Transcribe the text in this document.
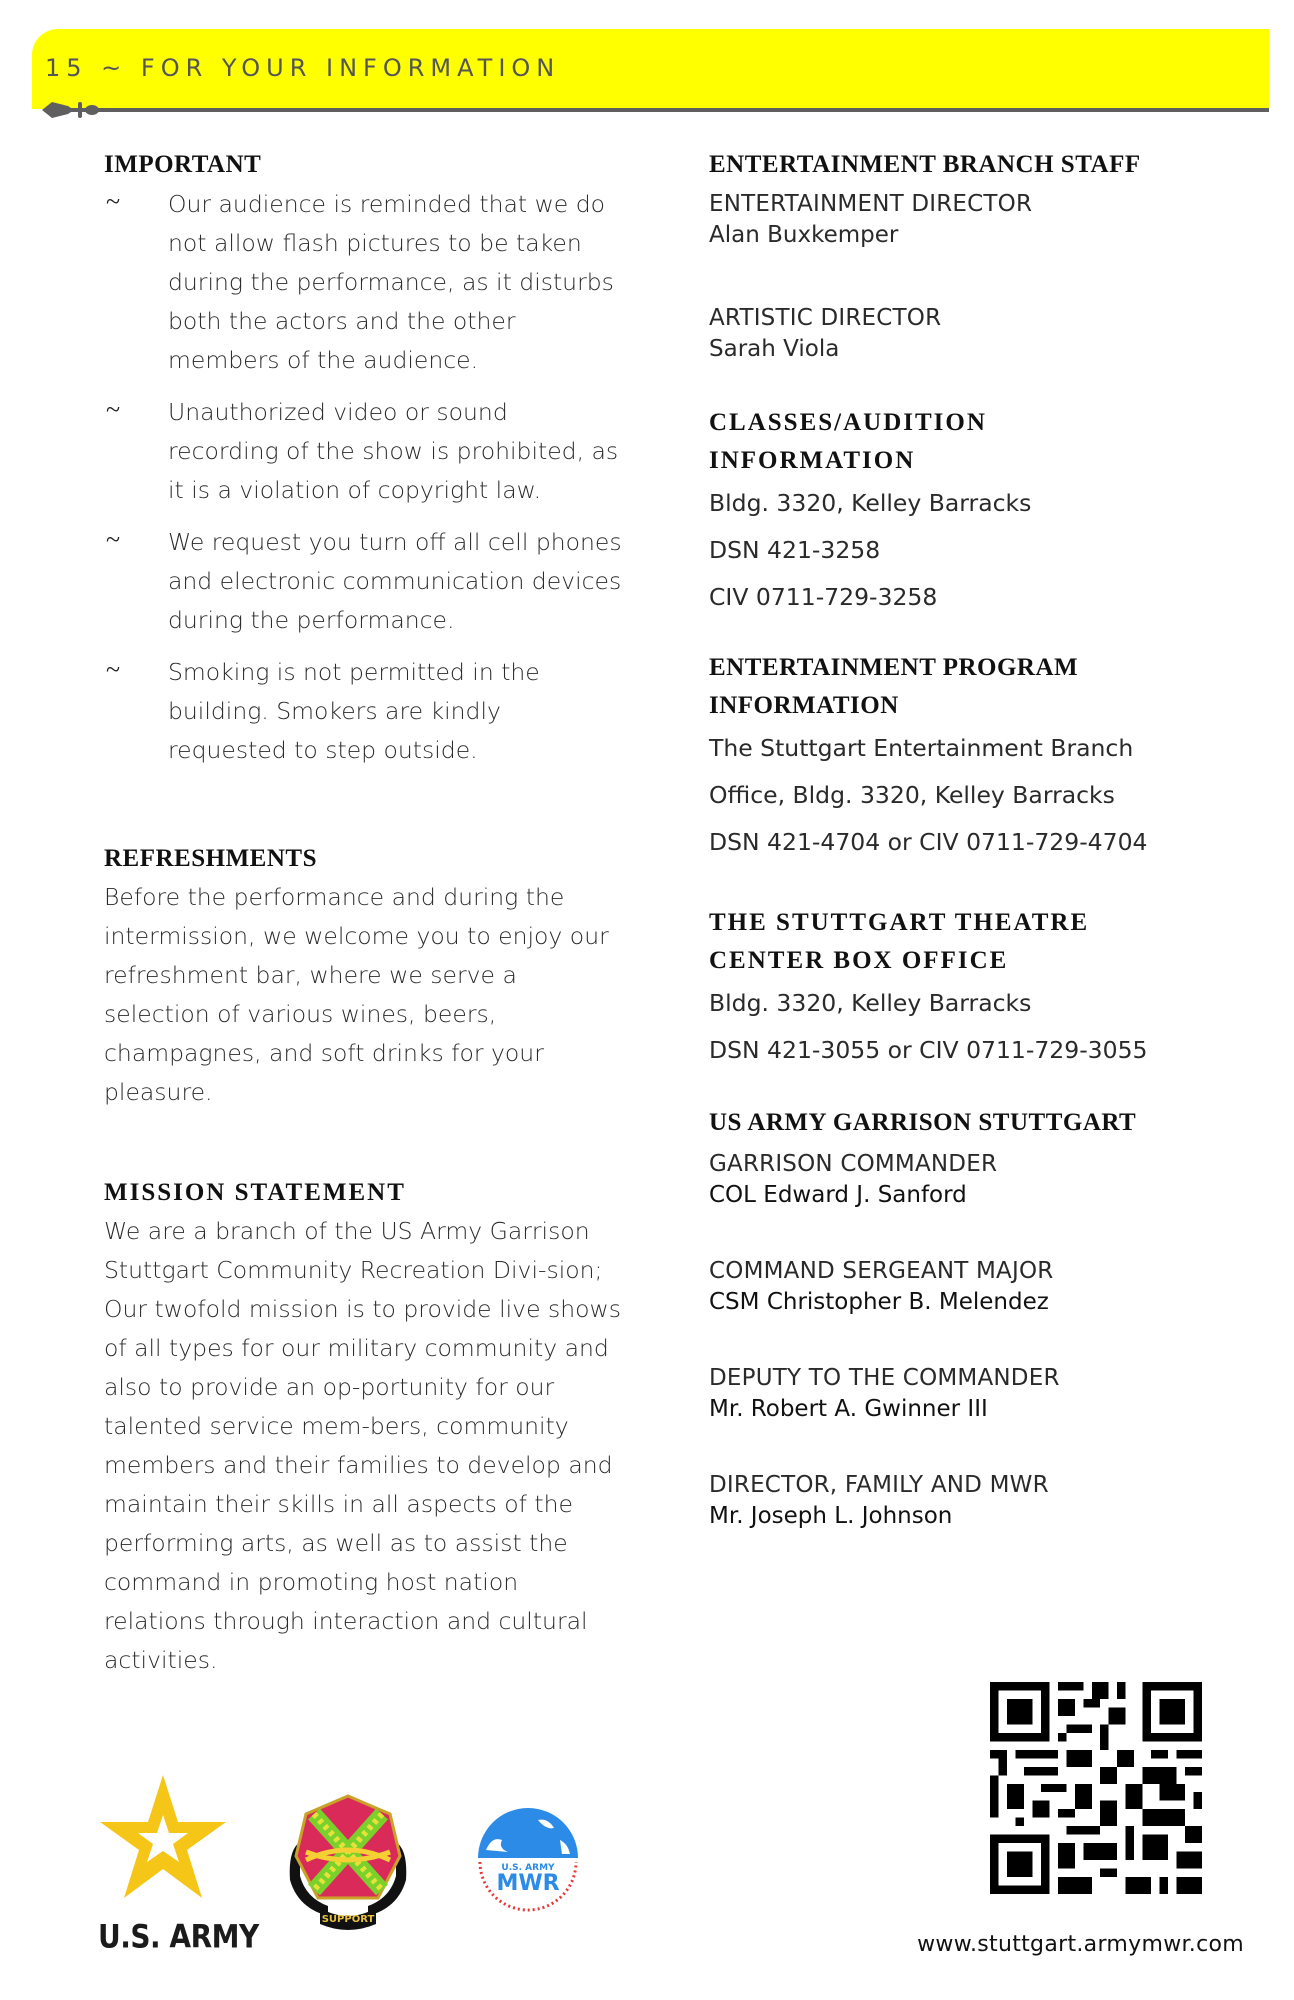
15 ~ FOR YOUR INFORMATION
IMPORTANT
~	Our audience is reminded that we do not allow flash pictures to be taken during the performance, as it disturbs both the actors and the other members of the audience.
~	Unauthorized video or sound recording of the show is prohibited, as it is a violation of copyright law.
~	We request you turn off all cell phones and electronic communication devices during the performance.
~	Smoking is not permitted in the building. Smokers are kindly requested to step outside.
REFRESHMENTS
Before the performance and during the intermission, we welcome you to enjoy our refreshment bar, where we serve a selection of various wines, beers, champagnes, and soft drinks for your pleasure.
MISSION STATEMENT
We are a branch of the US Army Garrison Stuttgart Community Recreation Divi-sion; Our twofold mission is to provide live shows of all types for our military community and also to provide an op-portunity for our talented service mem-bers, community members and their families to develop and maintain their skills in all aspects of the performing arts, as well as to assist the command in promoting host nation relations through interaction and cultural activities.
ENTERTAINMENT BRANCH STAFF
ENTERTAINMENT DIRECTOR
Alan Buxkemper
ARTISTIC DIRECTOR
Sarah Viola
CLASSES/AUDITION
INFORMATION
Bldg. 3320, Kelley Barracks
DSN 421-3258
CIV 0711-729-3258
ENTERTAINMENT PROGRAM
INFORMATION
The Stuttgart Entertainment Branch
Office, Bldg. 3320, Kelley Barracks
DSN 421-4704 or CIV 0711-729-4704
THE STUTTGART THEATRE
CENTER BOX OFFICE
Bldg. 3320, Kelley Barracks
DSN 421-3055 or CIV 0711-729-3055
US ARMY GARRISON STUTTGART
GARRISON COMMANDER
COL Edward J. Sanford
COMMAND SERGEANT MAJOR
CSM Christopher B. Melendez
DEPUTY TO THE COMMANDER
Mr. Robert A. Gwinner III
DIRECTOR, FAMILY AND MWR
Mr. Joseph L. Johnson
U.S. ARMY	SUPPORT
U.S. ARMY
MWR
www.stuttgart.armymwr.com
